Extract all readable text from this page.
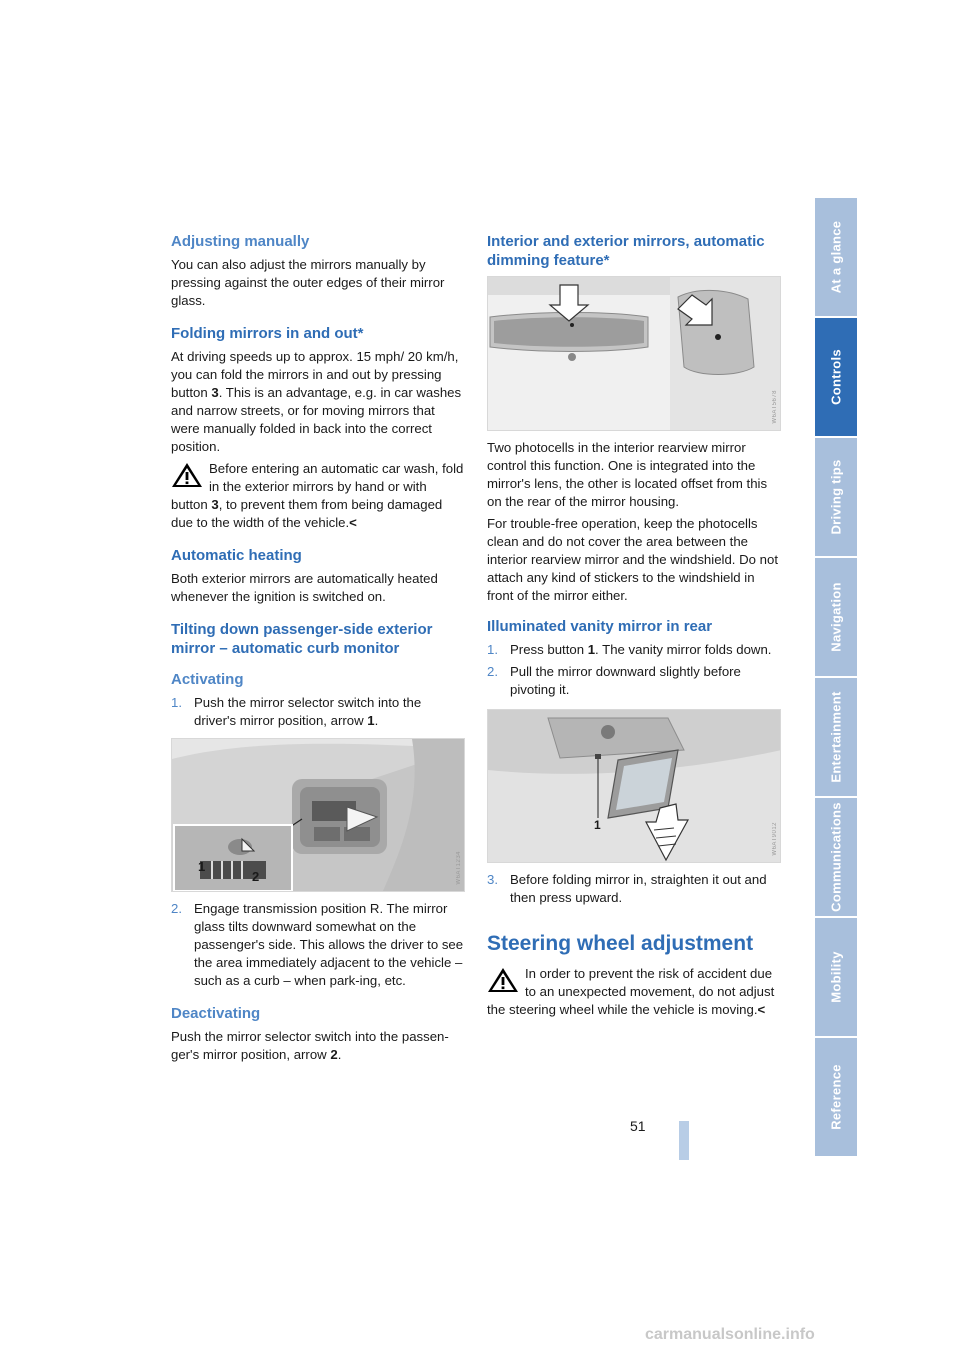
Adjusting manually

You can also adjust the mirrors manually by pressing against the outer edges of their mirror glass.

Folding mirrors in and out*

At driving speeds up to approx. 15 mph/ 20 km/h, you can fold the mirrors in and out by pressing button 3. This is an advantage, e.g. in car washes and narrow streets, or for moving mirrors that were manually folded in back into the correct position.

Before entering an automatic car wash, fold in the exterior mirrors by hand or with button 3, to prevent them from being damaged due to the width of the vehicle.<
Automatic heating

Both exterior mirrors are automatically heated whenever the ignition is switched on.

Tilting down passenger-side exterior mirror – automatic curb monitor
Activating
1. Push the mirror selector switch into the driver's mirror position, arrow 1.
1
2	W6AT1234
2. Engage transmission position R. The mirror glass tilts downward somewhat on the passenger's side. This allows the driver to see the area immediately adjacent to the vehicle – such as a curb – when park-ing, etc.
Deactivating

Push the mirror selector switch into the passen-ger's mirror position, arrow 2.

Interior and exterior mirrors, automatic dimming feature*
W6AT5678

Two photocells in the interior rearview mirror control this function. One is integrated into the mirror's lens, the other is located offset from this on the rear of the mirror housing.

For trouble-free operation, keep the photocells clean and do not cover the area between the interior rearview mirror and the windshield. Do not attach any kind of stickers to the windshield in front of the mirror either.

Illuminated vanity mirror in rear
1. Press button 1. The vanity mirror folds down.
2. Pull the mirror downward slightly before pivoting it.
1	W6AT9012
3. Before folding mirror in, straighten it out and then press upward.
Steering wheel adjustment
In order to prevent the risk of accident due to an unexpected movement, do not adjust the steering wheel while the vehicle is moving.<
At a glance
Controls
Driving tips
Navigation
Entertainment
Communications
Mobility
Reference
51
carmanualsonline.info
